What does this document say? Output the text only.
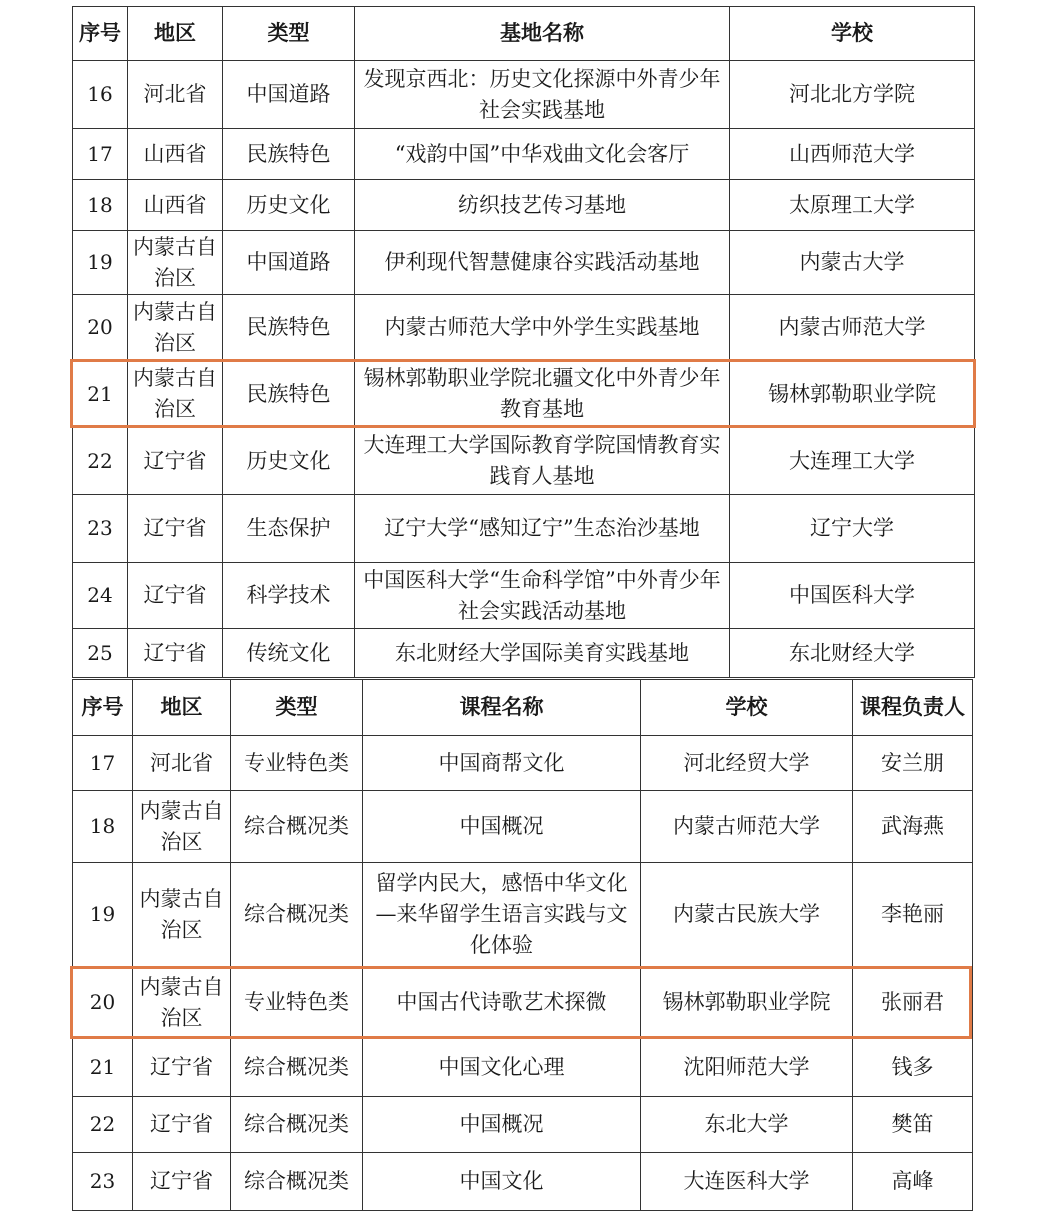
序号	地区	类型	基地名称	学校
16	河北省	中国道路	发现京西北：历史文化探源中外青少年社会实践基地	河北北方学院
17	山西省	民族特色	“戏韵中国”中华戏曲文化会客厅	山西师范大学
18	山西省	历史文化	纺织技艺传习基地	太原理工大学
19	内蒙古自治区	中国道路	伊利现代智慧健康谷实践活动基地	内蒙古大学
20	内蒙古自治区	民族特色	内蒙古师范大学中外学生实践基地	内蒙古师范大学
21	内蒙古自治区	民族特色	锡林郭勒职业学院北疆文化中外青少年教育基地	锡林郭勒职业学院
22	辽宁省	历史文化	大连理工大学国际教育学院国情教育实践育人基地	大连理工大学
23	辽宁省	生态保护	辽宁大学“感知辽宁”生态治沙基地	辽宁大学
24	辽宁省	科学技术	中国医科大学“生命科学馆”中外青少年社会实践活动基地	中国医科大学
25	辽宁省	传统文化	东北财经大学国际美育实践基地	东北财经大学
序号	地区	类型	课程名称	学校	课程负责人
17	河北省	专业特色类	中国商帮文化	河北经贸大学	安兰朋
18	内蒙古自治区	综合概况类	中国概况	内蒙古师范大学	武海燕
19	内蒙古自治区	综合概况类	留学内民大，感悟中华文化—来华留学生语言实践与文化体验	内蒙古民族大学	李艳丽
20	内蒙古自治区	专业特色类	中国古代诗歌艺术探微	锡林郭勒职业学院	张丽君
21	辽宁省	综合概况类	中国文化心理	沈阳师范大学	钱多
22	辽宁省	综合概况类	中国概况	东北大学	樊笛
23	辽宁省	综合概况类	中国文化	大连医科大学	高峰
